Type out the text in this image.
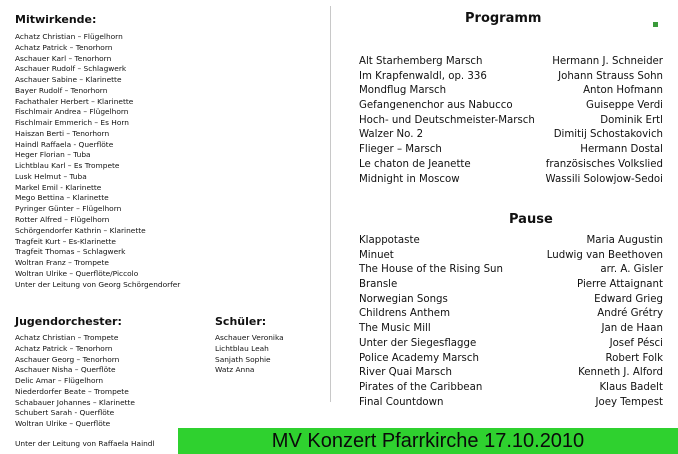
Mitwirkende:
Achatz Christian – Flügelhorn
Achatz Patrick – Tenorhorn
Aschauer Karl – Tenorhorn
Aschauer Rudolf – Schlagwerk
Aschauer Sabine – Klarinette
Bayer Rudolf – Tenorhorn
Fachathaler Herbert – Klarinette
Fischlmair Andrea – Flügelhorn
Fischlmair Emmerich – Es Horn
Haiszan Berti – Tenorhorn
Haindl Raffaela - Querflöte
Heger Florian – Tuba
Lichtblau Karl – Es Trompete
Lusk Helmut – Tuba
Markel Emil - Klarinette
Mego Bettina – Klarinette
Pyringer Günter – Flügelhorn
Rotter Alfred – Flügelhorn
Schörgendorfer Kathrin – Klarinette
Tragfeit Kurt – Es-Klarinette
Tragfeit Thomas – Schlagwerk
Woltran Franz – Trompete
Woltran Ulrike – Querflöte/Piccolo
Unter der Leitung von Georg Schörgendorfer
Jugendorchester:
Achatz Christian – Trompete
Achatz Patrick – Tenorhorn
Aschauer Georg – Tenorhorn
Aschauer Nisha – Querflöte
Delic Amar – Flügelhorn
Niederdorfer Beate – Trompete
Schabauer Johannes – Klarinette
Schubert Sarah - Querflöte
Woltran Ulrike – Querflöte
Unter der Leitung von Raffaela Haindl
Schüler:
Aschauer Veronika
Lichtblau Leah
Sanjath Sophie
Watz Anna
Programm
Alt Starhemberg Marsch	Hermann J. Schneider
Im Krapfenwaldl, op. 336	Johann Strauss Sohn
Mondflug Marsch	Anton Hofmann
Gefangenenchor aus Nabucco	Guiseppe Verdi
Hoch- und Deutschmeister-Marsch	Dominik Ertl
Walzer No. 2	Dimitij Schostakovich
Flieger – Marsch	Hermann Dostal
Le chaton de Jeanette	französisches Volkslied
Midnight in Moscow	Wassili Solowjow-Sedoi
Pause
Klappotaste	Maria Augustin
Minuet	Ludwig van Beethoven
The House of the Rising Sun	arr. A. Gisler
Bransle	Pierre Attaignant
Norwegian Songs	Edward Grieg
Childrens Anthem	André Grétry
The Music Mill	Jan de Haan
Unter der Siegesflagge	Josef Pésci
Police Academy Marsch	Robert Folk
River Quai Marsch	Kenneth J. Alford
Pirates of the Caribbean	Klaus Badelt
Final Countdown	Joey Tempest
MV Konzert Pfarrkirche 17.10.2010
